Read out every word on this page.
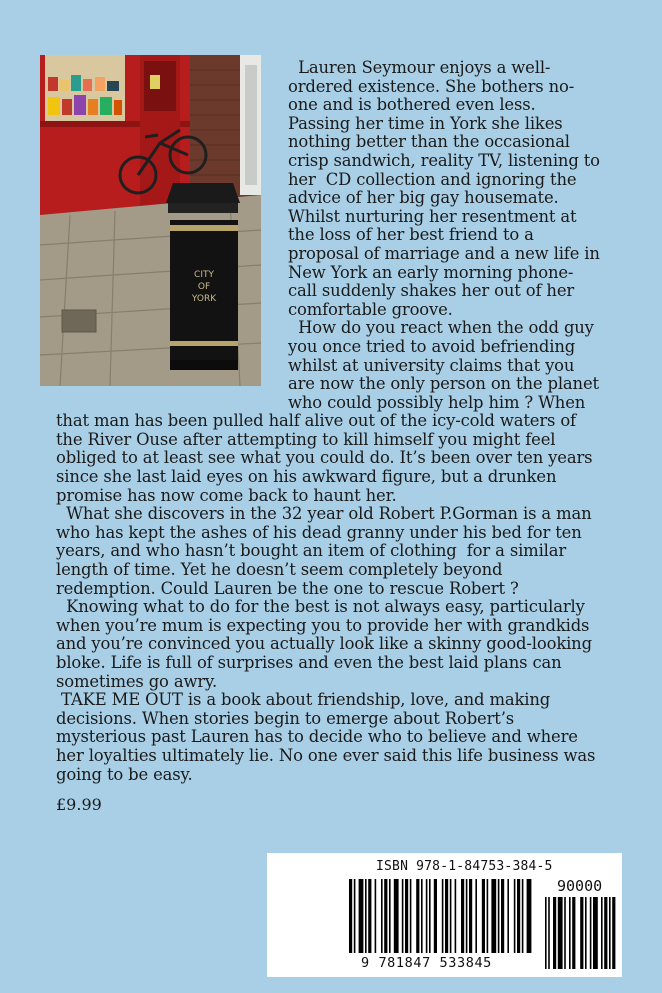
CITY
OF
YORK

Lauren Seymour enjoys a well-ordered existence. She bothers no-one and is bothered even less. Passing her time in York she likes nothing better than the occasional crisp sandwich, reality TV, listening to her  CD collection and ignoring the advice of her big gay housemate. Whilst nurturing her resentment at the loss of her best friend to a proposal of marriage and a new life in New York an early morning phone-call suddenly shakes her out of her comfortable groove.

How do you react when the odd guy you once tried to avoid befriending whilst at university claims that you are now the only person on the planet who could possibly help him ? When that man has been pulled half alive out of the icy-cold waters of the River Ouse after attempting to kill himself you might feel obliged to at least see what you could do. It’s been over ten years since she last laid eyes on his awkward figure, but a drunken promise has now come back to haunt her.

What she discovers in the 32 year old Robert P.Gorman is a man who has kept the ashes of his dead granny under his bed for ten years, and who hasn’t bought an item of clothing  for a similar length of time. Yet he doesn’t seem completely beyond redemption. Could Lauren be the one to rescue Robert ?

Knowing what to do for the best is not always easy, particularly when you’re mum is expecting you to provide her with grandkids and you’re convinced you actually look like a skinny good-looking bloke. Life is full of surprises and even the best laid plans can sometimes go awry.

TAKE ME OUT is a book about friendship, love, and making decisions. When stories begin to emerge about Robert’s mysterious past Lauren has to decide who to believe and where her loyalties ultimately lie. No one ever said this life business was going to be easy.

£9.99
ISBN 978-1-84753-384-5
90000
9 781847 533845
